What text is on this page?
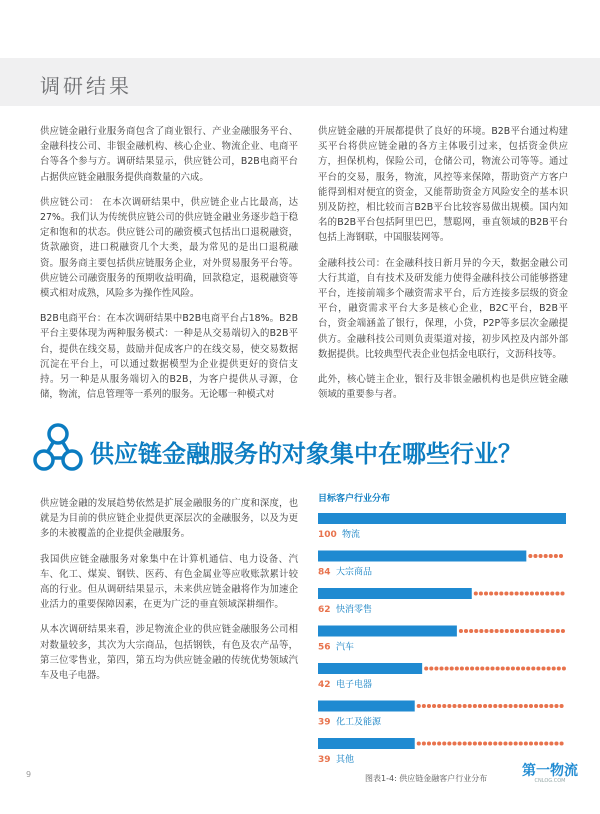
调研结果

供应链金融行业服务商包含了商业银行、产业金融服务平台、金融科技公司、非银金融机构、核心企业、物流企业、电商平台等各个参与方。调研结果显示，供应链公司，B2B电商平台占据供应链金融服务提供商数量的六成。

供应链公司： 在本次调研结果中，供应链企业占比最高，达27%。我们认为传统供应链公司的供应链金融业务逐步趋于稳定和饱和的状态。供应链公司的融资模式包括出口退税融资，货款融资，进口税融资几个大类，最为常见的是出口退税融资。服务商主要包括供应链服务企业，对外贸易服务平台等。供应链公司融资服务的预期收益明确，回款稳定，退税融资等模式相对成熟，风险多为操作性风险。

B2B电商平台：在本次调研结果中B2B电商平台占18%。B2B平台主要体现为两种服务模式：一种是从交易端切入的B2B平台，提供在线交易，鼓励并促成客户的在线交易，使交易数据沉淀在平台上，可以通过数据模型为企业提供更好的资信支持。另一种是从服务端切入的B2B，为客户提供从寻源，仓储，物流，信息管理等一系列的服务。无论哪一种模式对

供应链金融的开展都提供了良好的环境。B2B平台通过构建买平台将供应链金融的各方主体吸引过来，包括资金供应方，担保机构，保险公司，仓储公司，物流公司等等。通过平台的交易，服务，物流，风控等来保障，帮助资产方客户能得到相对便宜的资金，又能帮助资金方风险安全的基本识别及防控，相比较而言B2B平台比较容易做出规模。国内知名的B2B平台包括阿里巴巴，慧聪网，垂直领域的B2B平台包括上海钢联，中国服装网等。

金融科技公司：在金融科技日新月异的今天，数据金融公司大行其道，自有技术及研发能力使得金融科技公司能够搭建平台，连接前端多个融资需求平台，后方连接多层级的资金平台，融资需求平台大多是核心企业，B2C平台，B2B平台，资金端涵盖了银行，保理，小贷，P2P等多层次金融提供方。金融科技公司则负责渠道对接，初步风控及内部外部数据提供。比较典型代表企业包括金电联行，文沥科技等。

此外，核心链主企业，银行及非银金融机构也是供应链金融领域的重要参与者。

供应链金融服务的对象集中在哪些行业？

供应链金融的发展趋势依然是扩展金融服务的广度和深度，也就是为目前的供应链企业提供更深层次的金融服务，以及为更多的未被覆盖的企业提供金融服务。

我国供应链金融服务对象集中在计算机通信、电力设备、汽车、化工、煤炭、钢铁、医药、有色金属业等应收账款累计较高的行业。但从调研结果显示，未来供应链金融将作为加速企业活力的重要保障因素，在更为广泛的垂直领域深耕细作。

从本次调研结果来看，涉足物流企业的供应链金融服务公司相对数量较多，其次为大宗商品，包括钢铁，有色及农产品等，第三位零售业，第四，第五均为供应链金融的传统优势领域汽车及电子电器。

目标客户行业分布
100 物流
84 大宗商品
62 快消零售
56 汽车
42 电子电器
39 化工及能源
39 其他
图表1-4: 供应链金融客户行业分布
9	第一物流
CNLOG.COM
